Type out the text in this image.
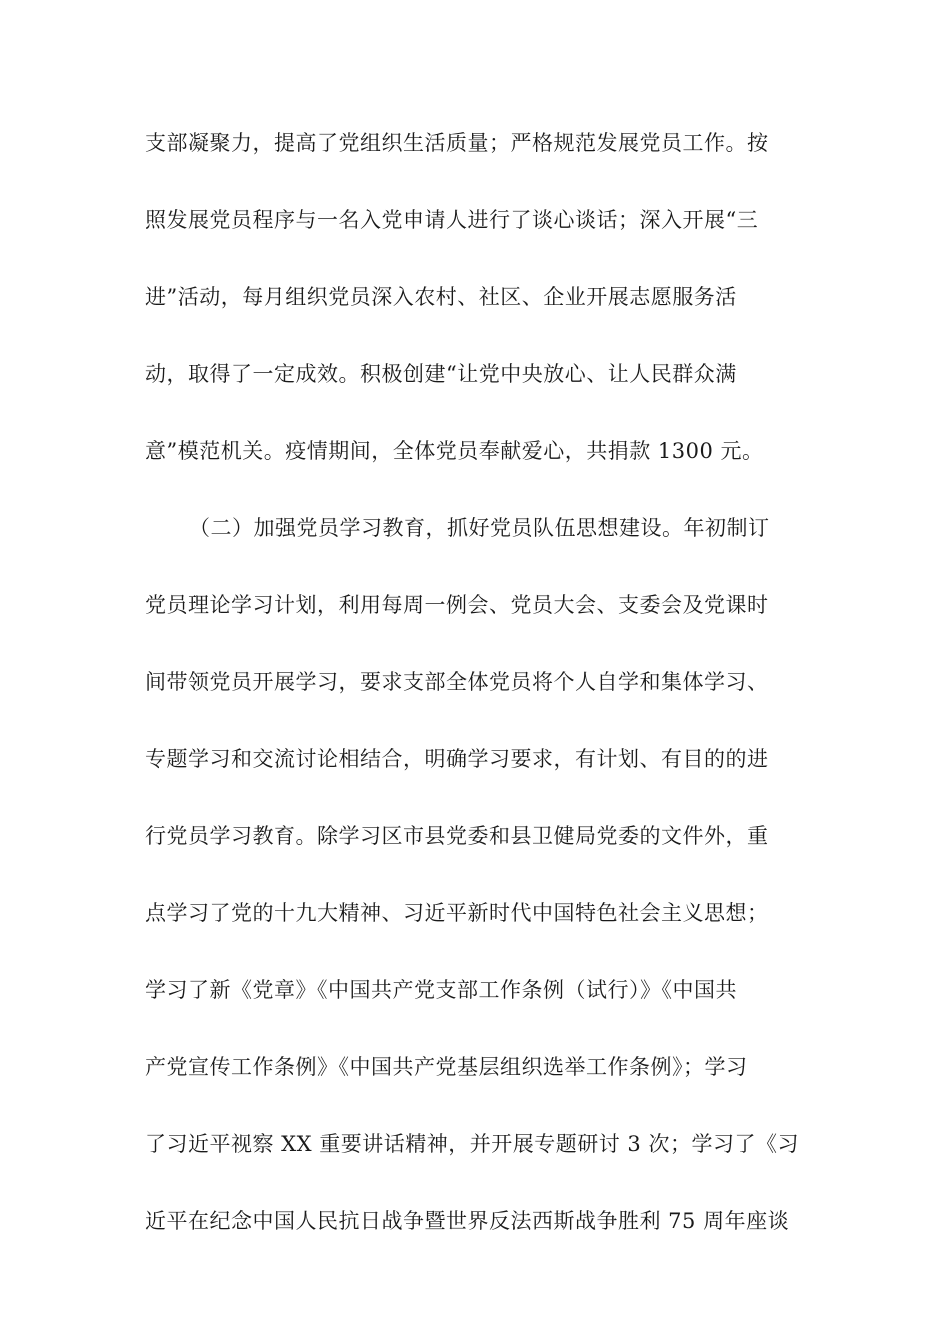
支部凝聚力，提高了党组织生活质量；严格规范发展党员工作。按
照发展党员程序与一名入党申请人进行了谈心谈话；深入开展“三
进”活动，每月组织党员深入农村、社区、企业开展志愿服务活
动，取得了一定成效。积极创建“让党中央放心、让人民群众满
意”模范机关。疫情期间，全体党员奉献爱心，共捐款 1300 元。
（二）加强党员学习教育，抓好党员队伍思想建设。年初制订
党员理论学习计划，利用每周一例会、党员大会、支委会及党课时
间带领党员开展学习，要求支部全体党员将个人自学和集体学习、
专题学习和交流讨论相结合，明确学习要求，有计划、有目的的进
行党员学习教育。除学习区市县党委和县卫健局党委的文件外，重
点学习了党的十九大精神、习近平新时代中国特色社会主义思想；
学习了新《党章》《中国共产党支部工作条例（试行）》《中国共
产党宣传工作条例》《中国共产党基层组织选举工作条例》；学习
了习近平视察 XX 重要讲话精神，并开展专题研讨 3 次；学习了《习
近平在纪念中国人民抗日战争暨世界反法西斯战争胜利 75 周年座谈
